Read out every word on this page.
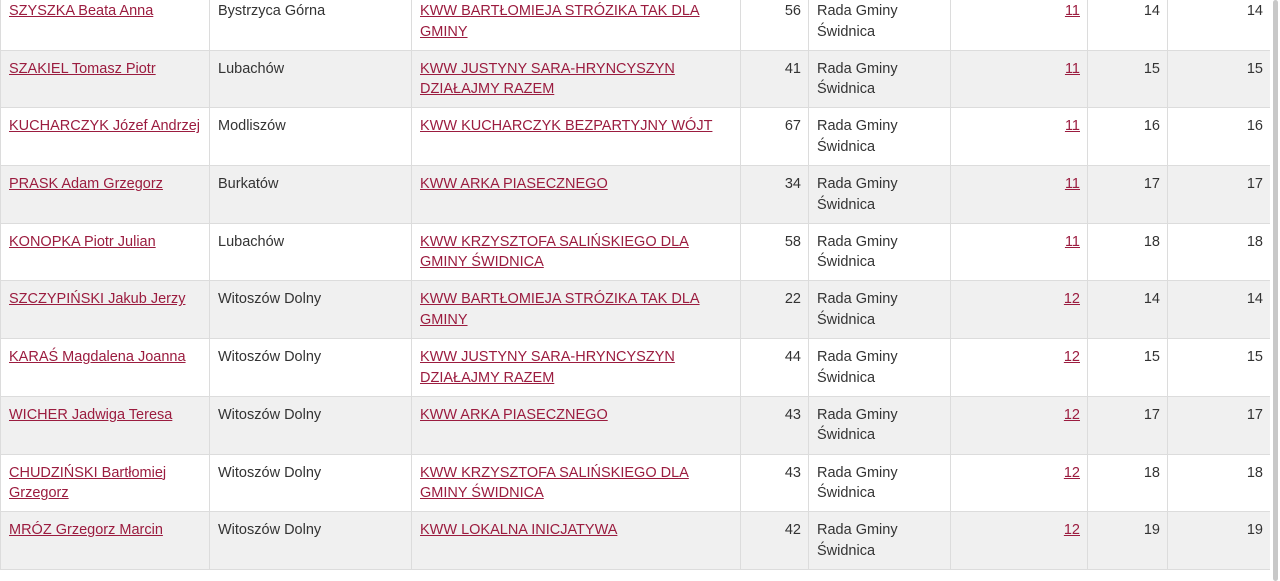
SZYSZKA Beata Anna	Bystrzyca Górna	KWW BARTŁOMIEJA STRÓZIKA TAK DLA GMINY	56	Rada Gminy Świdnica	11	14	14
SZAKIEL Tomasz Piotr	Lubachów	KWW JUSTYNY SARA-HRYNCYSZYN DZIAŁAJMY RAZEM	41	Rada Gminy Świdnica	11	15	15
KUCHARCZYK Józef Andrzej	Modliszów	KWW KUCHARCZYK BEZPARTYJNY WÓJT	67	Rada Gminy Świdnica	11	16	16
PRASK Adam Grzegorz	Burkatów	KWW ARKA PIASECZNEGO	34	Rada Gminy Świdnica	11	17	17
KONOPKA Piotr Julian	Lubachów	KWW KRZYSZTOFA SALIŃSKIEGO DLA GMINY ŚWIDNICA	58	Rada Gminy Świdnica	11	18	18
SZCZYPIŃSKI Jakub Jerzy	Witoszów Dolny	KWW BARTŁOMIEJA STRÓZIKA TAK DLA GMINY	22	Rada Gminy Świdnica	12	14	14
KARAŚ Magdalena Joanna	Witoszów Dolny	KWW JUSTYNY SARA-HRYNCYSZYN DZIAŁAJMY RAZEM	44	Rada Gminy Świdnica	12	15	15
WICHER Jadwiga Teresa	Witoszów Dolny	KWW ARKA PIASECZNEGO	43	Rada Gminy Świdnica	12	17	17
CHUDZIŃSKI Bartłomiej Grzegorz	Witoszów Dolny	KWW KRZYSZTOFA SALIŃSKIEGO DLA GMINY ŚWIDNICA	43	Rada Gminy Świdnica	12	18	18
MRÓZ Grzegorz Marcin	Witoszów Dolny	KWW LOKALNA INICJATYWA	42	Rada Gminy Świdnica	12	19	19
